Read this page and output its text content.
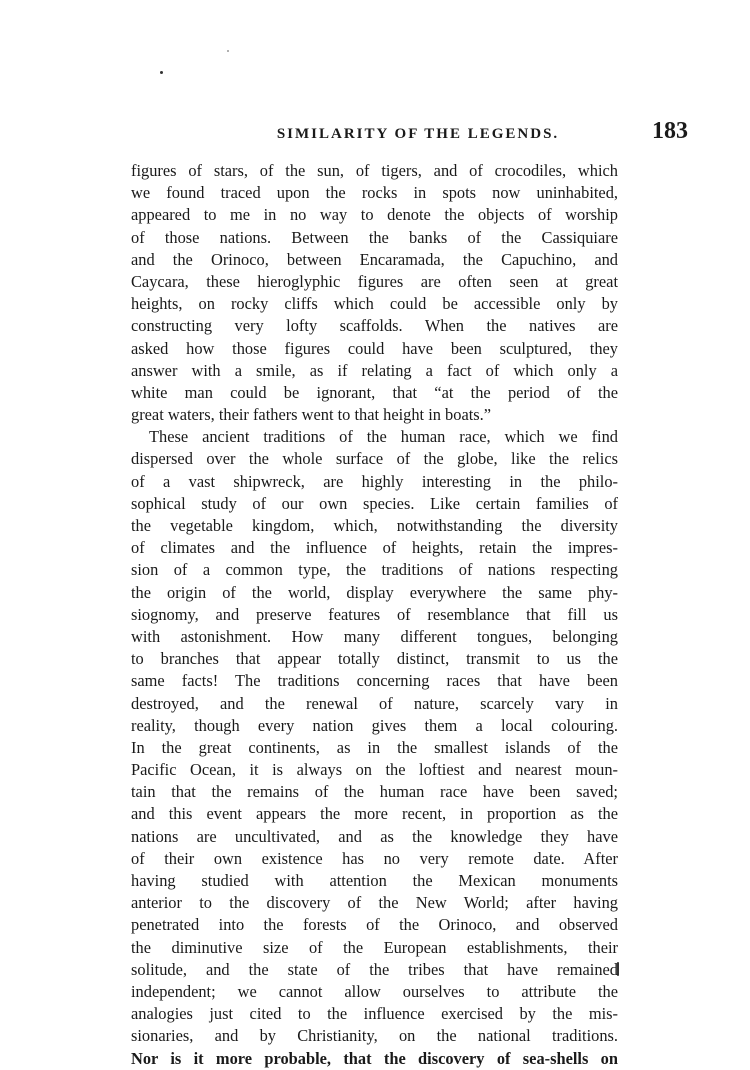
SIMILARITY OF THE LEGENDS.	183
figures of stars, of the sun, of tigers, and of crocodiles, which
we found traced upon the rocks in spots now uninhabited,
appeared to me in no way to denote the objects of worship
of those nations. Between the banks of the Cassiquiare
and the Orinoco, between Encaramada, the Capuchino, and
Caycara, these hieroglyphic figures are often seen at great
heights, on rocky cliffs which could be accessible only by
constructing very lofty scaffolds. When the natives are
asked how those figures could have been sculptured, they
answer with a smile, as if relating a fact of which only a
white man could be ignorant, that “at the period of the
great waters, their fathers went to that height in boats.”
These ancient traditions of the human race, which we find
dispersed over the whole surface of the globe, like the relics
of a vast shipwreck, are highly interesting in the philo-
sophical study of our own species. Like certain families of
the vegetable kingdom, which, notwithstanding the diversity
of climates and the influence of heights, retain the impres-
sion of a common type, the traditions of nations respecting
the origin of the world, display everywhere the same phy-
siognomy, and preserve features of resemblance that fill us
with astonishment. How many different tongues, belonging
to branches that appear totally distinct, transmit to us the
same facts! The traditions concerning races that have been
destroyed, and the renewal of nature, scarcely vary in
reality, though every nation gives them a local colouring.
In the great continents, as in the smallest islands of the
Pacific Ocean, it is always on the loftiest and nearest moun-
tain that the remains of the human race have been saved;
and this event appears the more recent, in proportion as the
nations are uncultivated, and as the knowledge they have
of their own existence has no very remote date. After
having studied with attention the Mexican monuments
anterior to the discovery of the New World; after having
penetrated into the forests of the Orinoco, and observed
the diminutive size of the European establishments, their
solitude, and the state of the tribes that have remained
independent; we cannot allow ourselves to attribute the
analogies just cited to the influence exercised by the mis-
sionaries, and by Christianity, on the national traditions.
Nor is it more probable, that the discovery of sea-shells on
